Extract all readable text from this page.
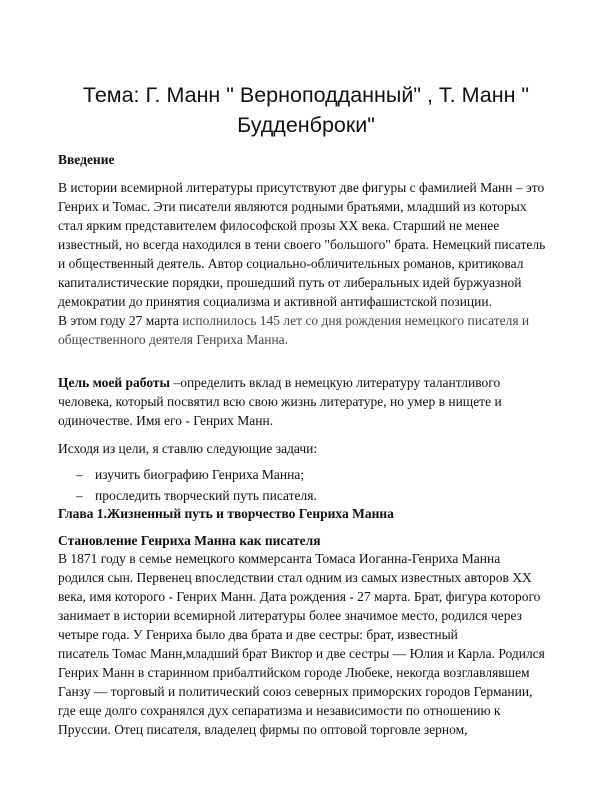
Тема: Г. Манн " Верноподданный" , Т. Манн "
Будденброки"

Введение

В истории всемирной литературы присутствуют две фигуры с фамилией Манн – это
Генрих и Томас. Эти писатели являются родными братьями, младший из которых
стал ярким представителем философской прозы XX века. Старший не менее
известный, но всегда находился в тени своего "большого" брата. Немецкий писатель
и общественный деятель. Автор социально-обличительных романов, критиковал
капиталистические порядки, прошедший путь от либеральных идей буржуазной
демократии до принятия социализма и активной антифашистской позиции.
В этом году 27 марта исполнилось 145 лет со дня рождения немецкого писателя и
общественного деятеля Генриха Манна.
Цель моей работы –определить вклад в немецкую литературу талантливого
человека, который посвятил всю свою жизнь литературе, но умер в нищете и
одиночестве. Имя его - Генрих Манн.

Исходя из цели, я ставлю следующие задачи:

– изучить биографию Генриха Манна;
– проследить творческий путь писателя.

Глава 1.Жизненный путь и творчество Генриха Манна

Становление Генриха Манна как писателя

В 1871 году в семье немецкого коммерсанта Томаса Иоганна-Генриха Манна
родился сын. Первенец впоследствии стал одним из самых известных авторов XX
века, имя которого - Генрих Манн. Дата рождения - 27 марта. Брат, фигура которого
занимает в истории всемирной литературы более значимое место, родился через
четыре года. У Генриха было два брата и две сестры: брат, известный
писатель Томас Манн,младший брат Виктор и две сестры — Юлия и Карла. Родился
Генрих Манн в старинном прибалтийском городе Любеке, некогда возглавлявшем
Ганзу — торговый и политический союз северных приморских городов Германии,
где еще долго сохранялся дух сепаратизма и независимости по отношению к
Пруссии. Отец писателя, владелец фирмы по оптовой торговле зерном,
